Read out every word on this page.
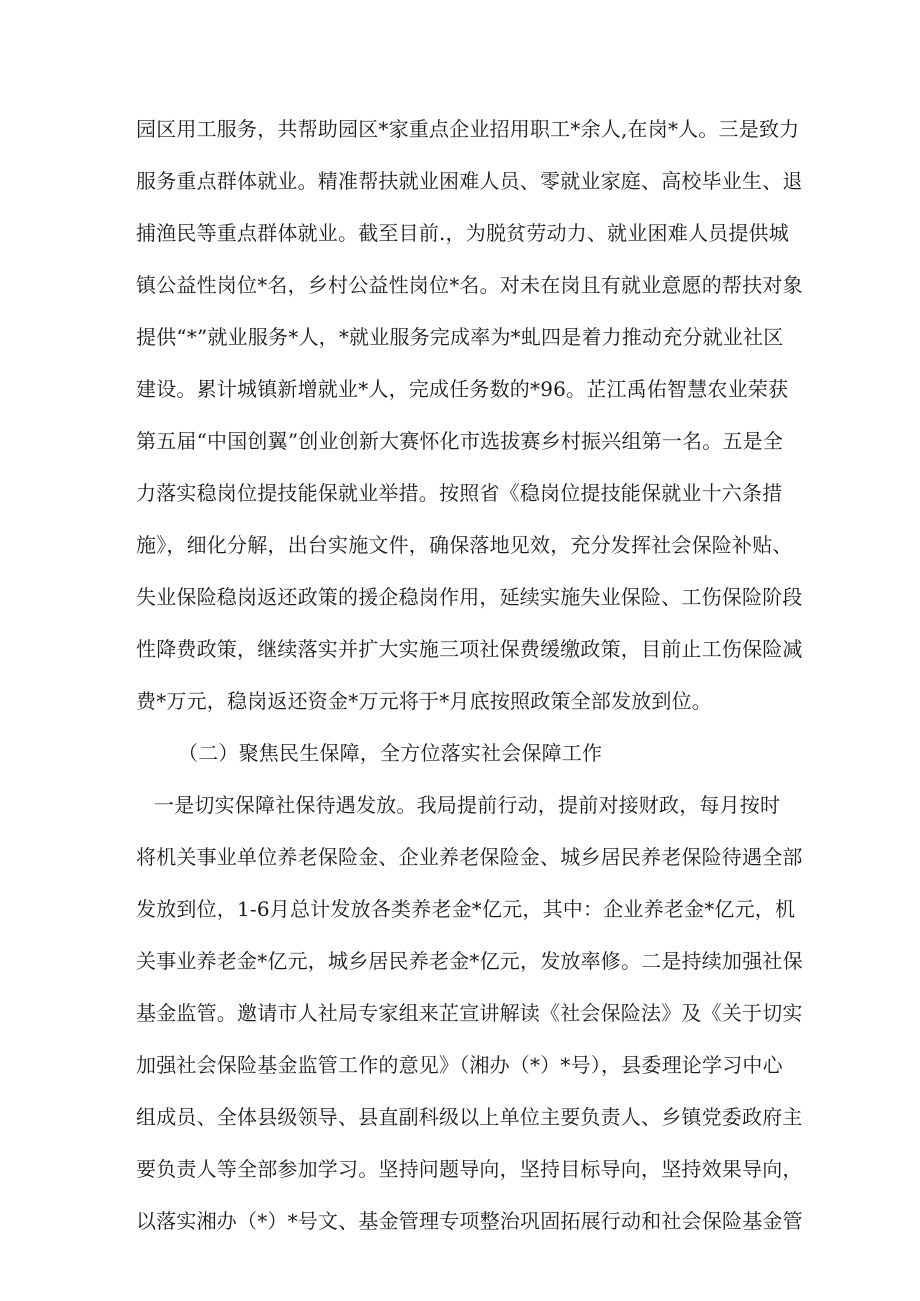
园区用工服务，共帮助园区*家重点企业招用职工*余人,在岗*人。三是致力
服务重点群体就业。精准帮扶就业困难人员、零就业家庭、高校毕业生、退
捕渔民等重点群体就业。截至目前.，为脱贫劳动力、就业困难人员提供城
镇公益性岗位*名，乡村公益性岗位*名。对未在岗且有就业意愿的帮扶对象
提供“*”就业服务*人，*就业服务完成率为*虬四是着力推动充分就业社区
建设。累计城镇新增就业*人，完成任务数的*96。芷江禹佑智慧农业荣获
第五届“中国创翼”创业创新大赛怀化市选拔赛乡村振兴组第一名。五是全
力落实稳岗位提技能保就业举措。按照省《稳岗位提技能保就业十六条措
施》，细化分解，出台实施文件，确保落地见效，充分发挥社会保险补贴、
失业保险稳岗返还政策的援企稳岗作用，延续实施失业保险、工伤保险阶段
性降费政策，继续落实并扩大实施三项社保费缓缴政策，目前止工伤保险减
费*万元，稳岗返还资金*万元将于*月底按照政策全部发放到位。
（二）聚焦民生保障，全方位落实社会保障工作
一是切实保障社保待遇发放。我局提前行动，提前对接财政，每月按时
将机关事业单位养老保险金、企业养老保险金、城乡居民养老保险待遇全部
发放到位，1-6月总计发放各类养老金*亿元，其中：企业养老金*亿元，机
关事业养老金*亿元，城乡居民养老金*亿元，发放率修。二是持续加强社保
基金监管。邀请市人社局专家组来芷宣讲解读《社会保险法》及《关于切实
加强社会保险基金监管工作的意见》（湘办（*）*号），县委理论学习中心
组成员、全体县级领导、县直副科级以上单位主要负责人、乡镇党委政府主
要负责人等全部参加学习。坚持问题导向，坚持目标导向，坚持效果导向，
以落实湘办（*）*号文、基金管理专项整治巩固拓展行动和社会保险基金管
